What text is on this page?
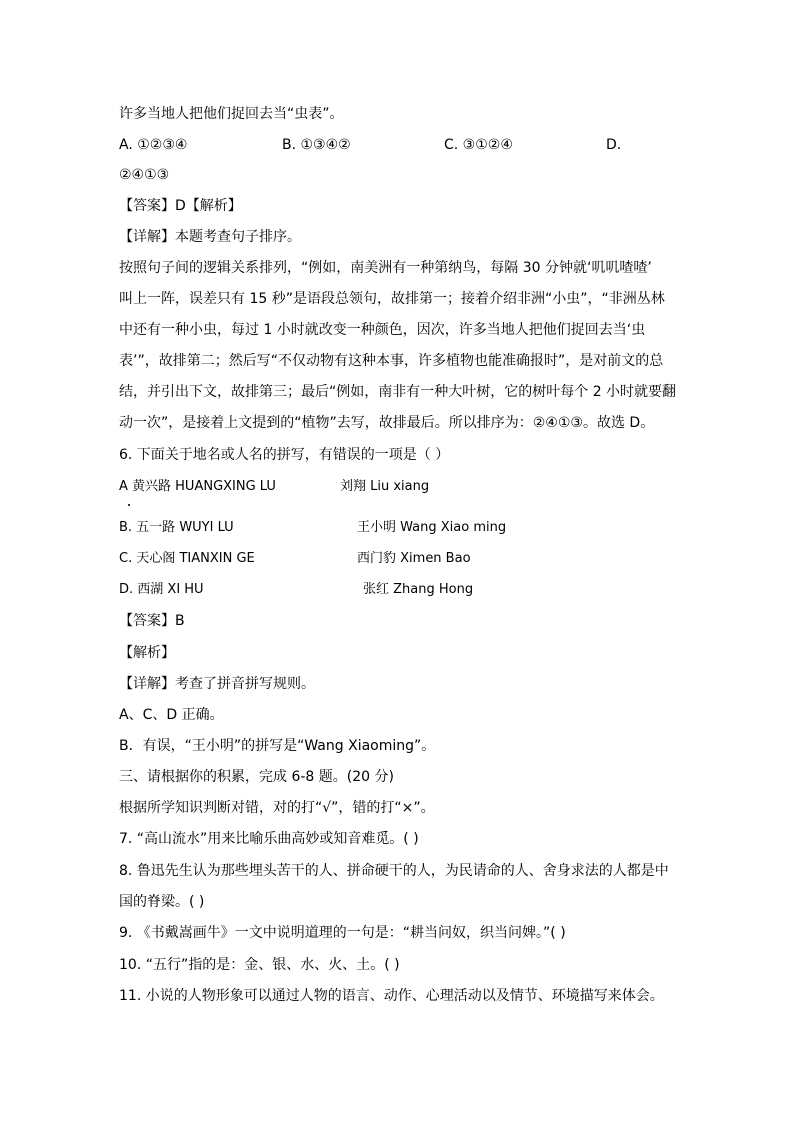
许多当地人把他们捉回去当“虫表”。
A. ①②③④	B. ①③④②	C. ③①②④	D.
②④①③
【答案】D【解析】
【详解】本题考查句子排序。
按照句子间的逻辑关系排列，“例如，南美洲有一种第纳鸟，每隔 30 分钟就‘叽叽喳喳’
叫上一阵，误差只有 15 秒”是语段总领句，故排第一；接着介绍非洲“小虫”，“非洲丛林
中还有一种小虫，每过 1 小时就改变一种颜色，因次，许多当地人把他们捉回去当‘虫
表’”，故排第二；然后写“不仅动物有这种本事，许多植物也能准确报时”，是对前文的总
结，并引出下文，故排第三；最后“例如，南非有一种大叶树，它的树叶每个 2 小时就要翻
动一次”，是接着上文提到的“植物”去写，故排最后。所以排序为：②④①③。故选 D。
6. 下面关于地名或人名的拼写，有错误的一项是（ ）
A 黄兴路 HUANGXING LU	刘翔 Liu xiang
B. 五一路 WUYI LU	王小明 Wang Xiao ming
C. 天心阁 TIANXIN GE	西门豹 Ximen Bao
D. 西湖 XI HU	张红 Zhang Hong
【答案】B
【解析】
【详解】考查了拼音拼写规则。
A、C、D 正确。
B．有误，“王小明”的拼写是“Wang Xiaoming”。
三、请根据你的积累，完成 6-8 题。(20 分)
根据所学知识判断对错，对的打“√”，错的打“×”。
7. “高山流水”用来比喻乐曲高妙或知音难觅。( )
8. 鲁迅先生认为那些埋头苦干的人、拼命硬干的人，为民请命的人、舍身求法的人都是中
国的脊梁。( )
9. 《书戴嵩画牛》一文中说明道理的一句是：“耕当问奴，织当问婢。”( )
10. “五行”指的是：金、银、水、火、土。( )
11. 小说的人物形象可以通过人物的语言、动作、心理活动以及情节、环境描写来体会。
